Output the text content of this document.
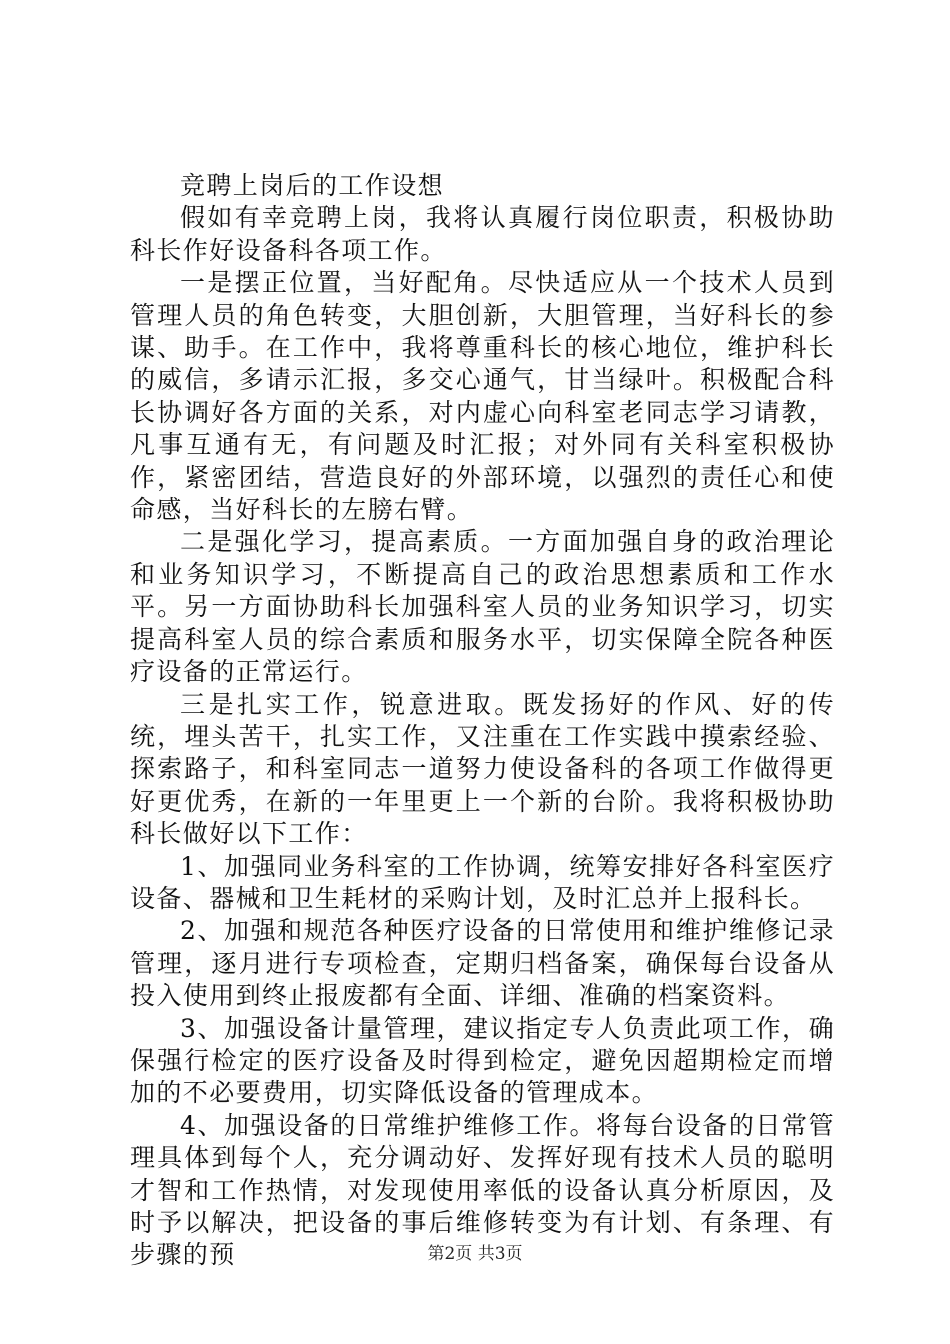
竞聘上岗后的工作设想

假如有幸竞聘上岗，我将认真履行岗位职责，积极协助科长作好设备科各项工作。

一是摆正位置，当好配角。尽快适应从一个技术人员到管理人员的角色转变，大胆创新，大胆管理，当好科长的参谋、助手。在工作中，我将尊重科长的核心地位，维护科长的威信，多请示汇报，多交心通气，甘当绿叶。积极配合科长协调好各方面的关系，对内虚心向科室老同志学习请教，凡事互通有无，有问题及时汇报；对外同有关科室积极协作，紧密团结，营造良好的外部环境，以强烈的责任心和使命感，当好科长的左膀右臂。

二是强化学习，提高素质。一方面加强自身的政治理论和业务知识学习，不断提高自己的政治思想素质和工作水平。另一方面协助科长加强科室人员的业务知识学习，切实提高科室人员的综合素质和服务水平，切实保障全院各种医疗设备的正常运行。

三是扎实工作，锐意进取。既发扬好的作风、好的传统，埋头苦干，扎实工作，又注重在工作实践中摸索经验、探索路子，和科室同志一道努力使设备科的各项工作做得更好更优秀，在新的一年里更上一个新的台阶。我将积极协助科长做好以下工作：

1、加强同业务科室的工作协调，统筹安排好各科室医疗设备、器械和卫生耗材的采购计划，及时汇总并上报科长。

2、加强和规范各种医疗设备的日常使用和维护维修记录管理，逐月进行专项检查，定期归档备案，确保每台设备从投入使用到终止报废都有全面、详细、准确的档案资料。

3、加强设备计量管理，建议指定专人负责此项工作，确保强行检定的医疗设备及时得到检定，避免因超期检定而增加的不必要费用，切实降低设备的管理成本。

4、加强设备的日常维护维修工作。将每台设备的日常管理具体到每个人，充分调动好、发挥好现有技术人员的聪明才智和工作热情，对发现使用率低的设备认真分析原因，及时予以解决，把设备的事后维修转变为有计划、有条理、有步骤的预	第2页 共3页
